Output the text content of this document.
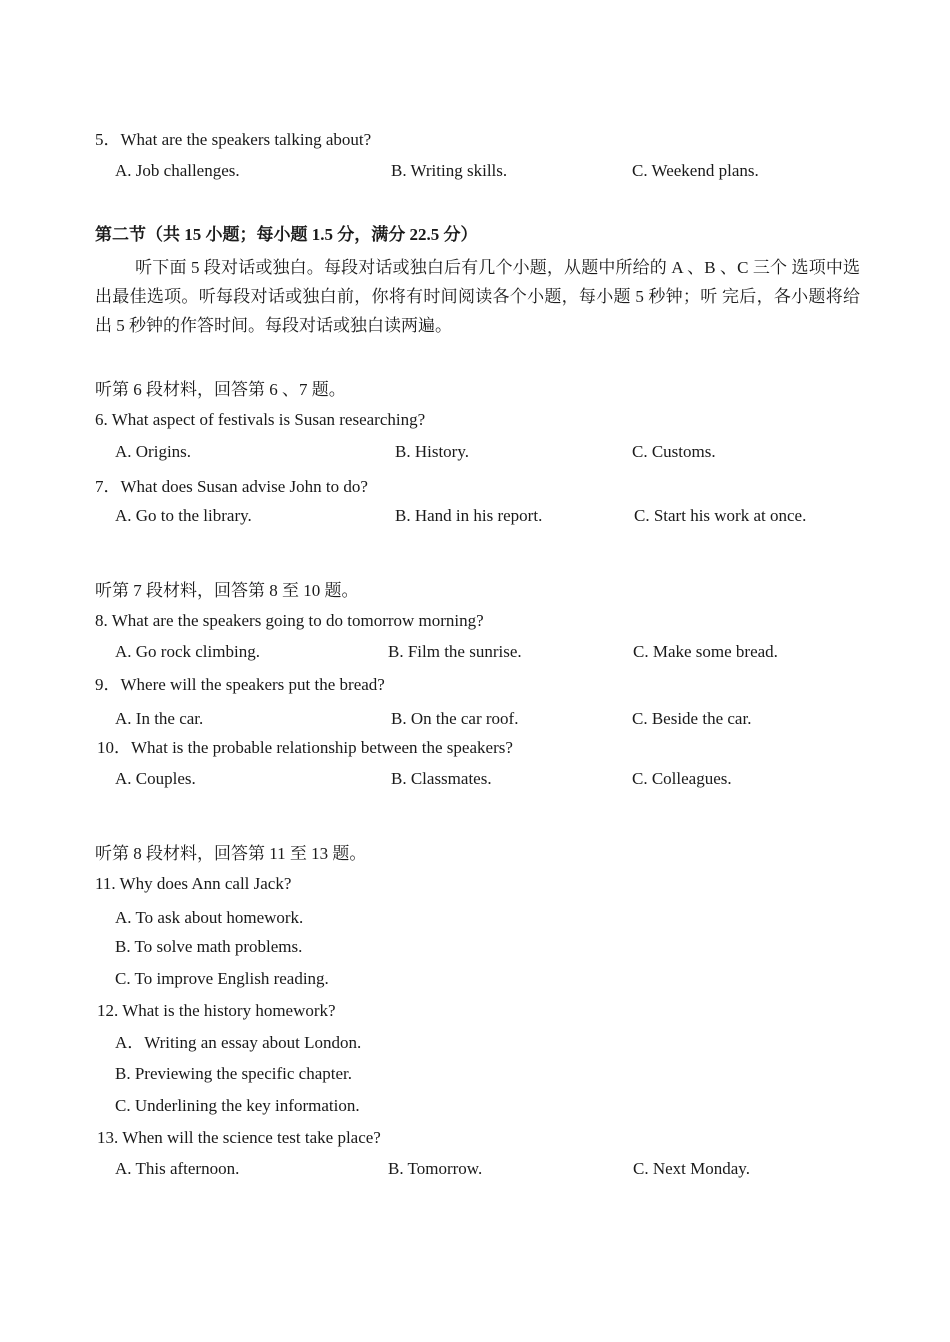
5．What are the speakers talking about?
A. Job challenges.	B. Writing skills.	C. Weekend plans.
第二节（共 15 小题；每小题 1.5 分，满分 22.5 分）
听下面 5 段对话或独白。每段对话或独白后有几个小题，从题中所给的 A 、B 、C 三个 选项中选出最佳选项。听每段对话或独白前，你将有时间阅读各个小题，每小题 5 秒钟；听 完后，各小题将给出 5 秒钟的作答时间。每段对话或独白读两遍。
听第 6 段材料，回答第 6 、7 题。
6. What aspect of festivals is Susan researching?
A. Origins.	B. History.	C. Customs.
7．What does Susan advise John to do?
A. Go to the library.	B. Hand in his report.	C. Start his work at once.
听第 7 段材料，回答第 8 至 10 题。
8. What are the speakers going to do tomorrow morning?
A. Go rock climbing.	B. Film the sunrise.	C. Make some bread.
9．Where will the speakers put the bread?
A. In the car.	B. On the car roof.	C. Beside the car.
10．What is the probable relationship between the speakers?
A. Couples.	B. Classmates.	C. Colleagues.
听第 8 段材料，回答第 11 至 13 题。
11. Why does Ann call Jack?
A. To ask about homework.
B. To solve math problems.
C. To improve English reading.
12. What is the history homework?
A．Writing an essay about London.
B. Previewing the specific chapter.
C. Underlining the key information.
13. When will the science test take place?
A. This afternoon.	B. Tomorrow.	C. Next Monday.
